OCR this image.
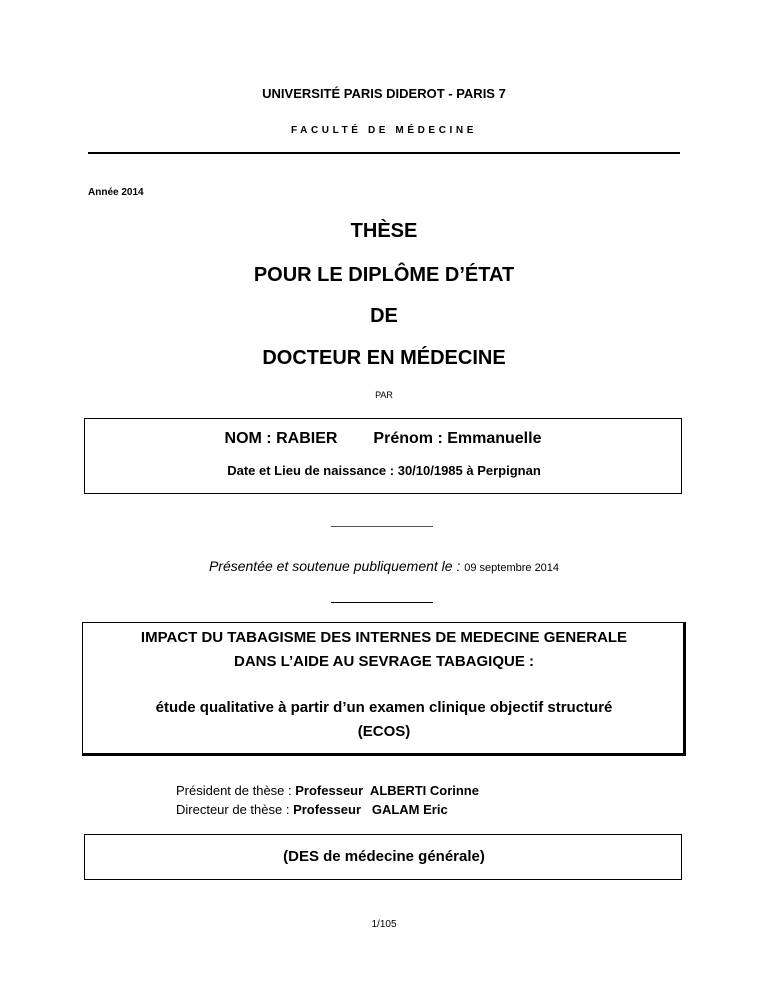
UNIVERSITÉ PARIS DIDEROT - PARIS 7
FACULTÉ DE MÉDECINE
Année 2014
THÈSE
POUR LE DIPLÔME D’ÉTAT
DE
DOCTEUR EN MÉDECINE
PAR
NOM : RABIER Prénom : Emmanuelle
Date et Lieu de naissance : 30/10/1985 à Perpignan
Présentée et soutenue publiquement le : 09 septembre 2014
IMPACT DU TABAGISME DES INTERNES DE MEDECINE GENERALE
DANS L’AIDE AU SEVRAGE TABAGIQUE :
étude qualitative à partir d’un examen clinique objectif structuré
(ECOS)
Président de thèse : Professeur  ALBERTI Corinne
Directeur de thèse : Professeur   GALAM Eric
(DES de médecine générale)
1/105
